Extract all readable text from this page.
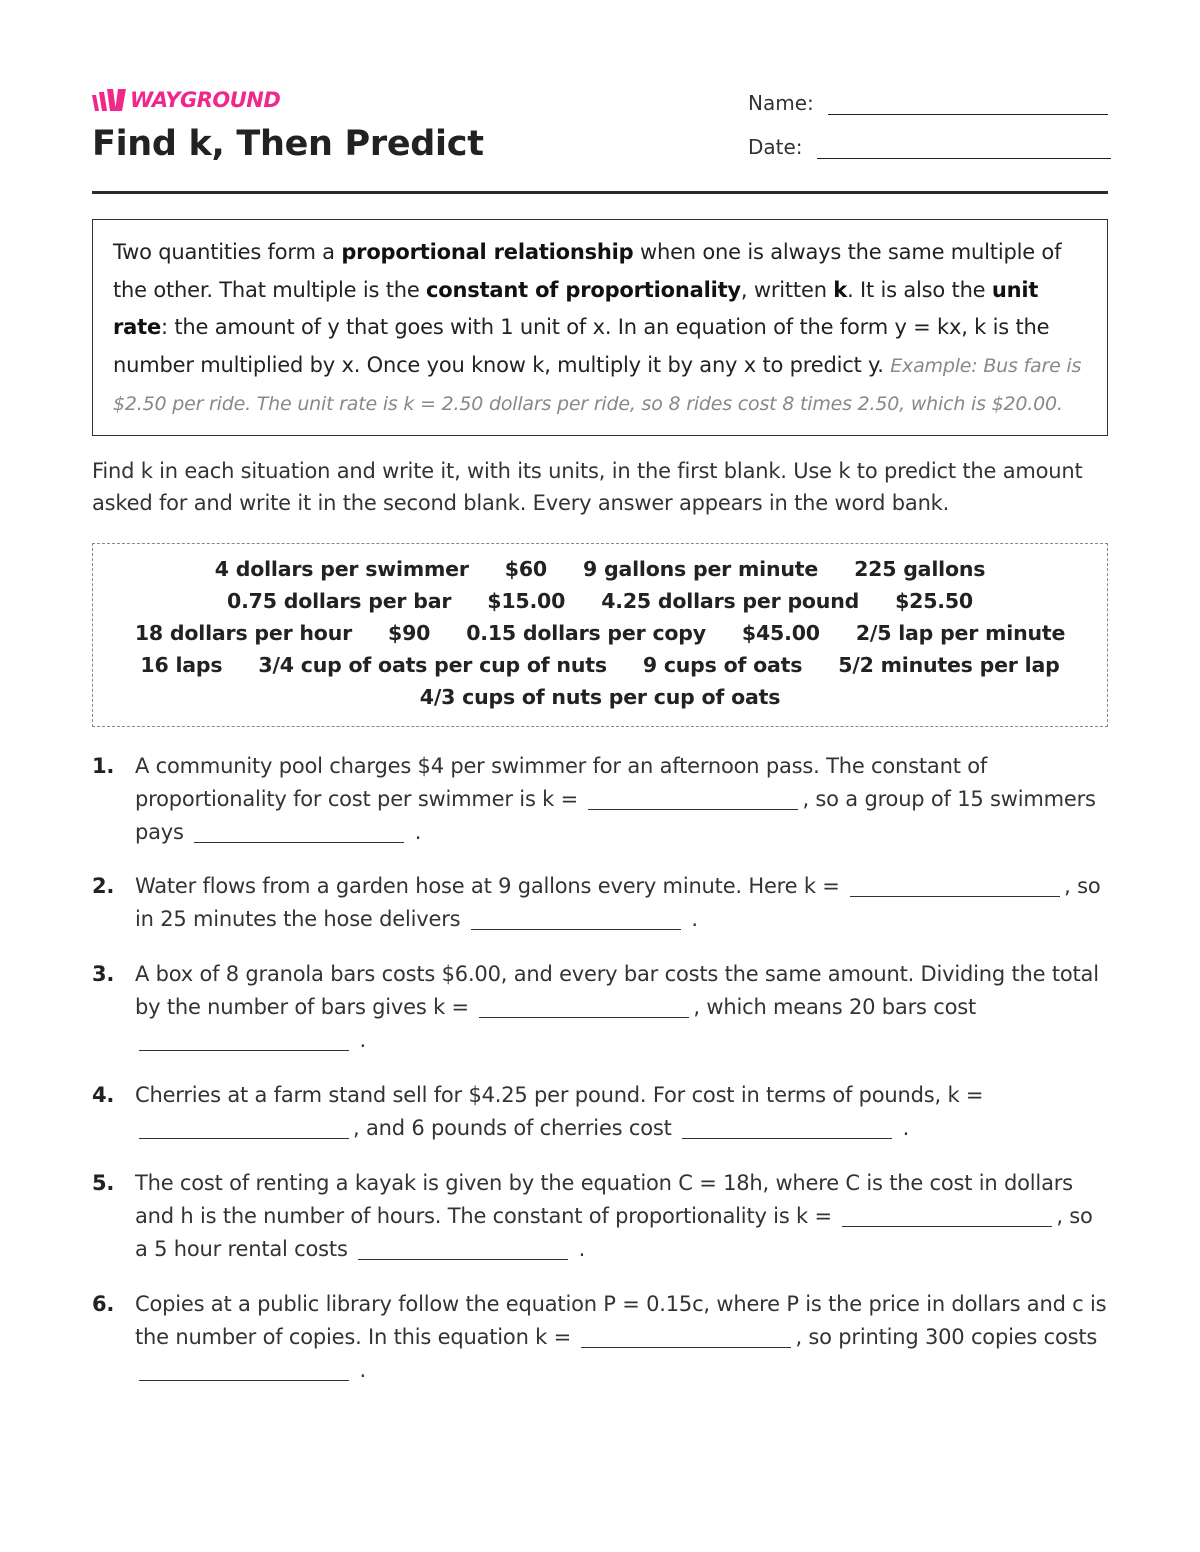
WAYGROUND
Find k, Then Predict
Name:
Date:
Two quantities form a proportional relationship when one is always the same multiple of the other. That multiple is the constant of proportionality, written k. It is also the unit rate: the amount of y that goes with 1 unit of x. In an equation of the form y = kx, k is the number multiplied by x. Once you know k, multiply it by any x to predict y. Example: Bus fare is $2.50 per ride. The unit rate is k = 2.50 dollars per ride, so 8 rides cost 8 times 2.50, which is $20.00.
Find k in each situation and write it, with its units, in the first blank. Use k to predict the amount asked for and write it in the second blank. Every answer appears in the word bank.
4 dollars per swimmer $60 9 gallons per minute 225 gallons
0.75 dollars per bar $15.00 4.25 dollars per pound $25.50
18 dollars per hour $90 0.15 dollars per copy $45.00 2/5 lap per minute
16 laps 3/4 cup of oats per cup of nuts 9 cups of oats 5/2 minutes per lap
4/3 cups of nuts per cup of oats
1. A community pool charges $4 per swimmer for an afternoon pass. The constant of proportionality for cost per swimmer is k =	, so a group of 15 swimmers pays	.
2. Water flows from a garden hose at 9 gallons every minute. Here k =	, so in 25 minutes the hose delivers	.
3. A box of 8 granola bars costs $6.00, and every bar costs the same amount. Dividing the total by the number of bars gives k =	, which means 20 bars cost  .
4. Cherries at a farm stand sell for $4.25 per pound. For cost in terms of pounds, k = , and 6 pounds of cherries cost	.
5. The cost of renting a kayak is given by the equation C = 18h, where C is the cost in dollars and h is the number of hours. The constant of proportionality is k =	, so a 5 hour rental costs	.
6. Copies at a public library follow the equation P = 0.15c, where P is the price in dollars and c is the number of copies. In this equation k =	, so printing 300 copies costs  .
